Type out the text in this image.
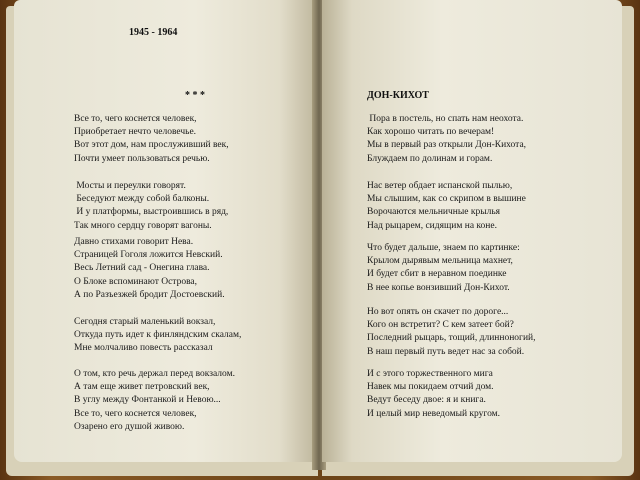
1945 - 1964
* * *
Все то, чего коснется человек,
Приобретает нечто человечье.
Вот этот дом, нам прослуживший век,
Почти умеет пользоваться речью.
Мосты и переулки говорят.
Беседуют между собой балконы.
И у платформы, выстроившись в ряд,
Так много сердцу говорят вагоны.
Давно стихами говорит Нева.
Страницей Гоголя ложится Невский.
Весь Летний сад - Онегина глава.
О Блоке вспоминают Острова,
А по Разъезжей бродит Достоевский.
Сегодня старый маленький вокзал,
Откуда путь идет к финляндским скалам,
Мне молчаливо повесть рассказал
О том, кто речь держал перед вокзалом.
А там еще живет петровский век,
В углу между Фонтанкой и Невою...
Все то, чего коснется человек,
Озарено его душой живою.
ДОН-КИХОТ
Пора в постель, но спать нам неохота.
Как хорошо читать по вечерам!
Мы в первый раз открыли Дон-Кихота,
Блуждаем по долинам и горам.
Нас ветер обдает испанской пылью,
Мы слышим, как со скрипом в вышине
Ворочаются мельничные крылья
Над рыцарем, сидящим на коне.
Что будет дальше, знаем по картинке:
Крылом дырявым мельница махнет,
И будет сбит в неравном поединке
В нее копье вонзивший Дон-Кихот.
Но вот опять он скачет по дороге...
Кого он встретит? С кем затеет бой?
Последний рыцарь, тощий, длинноногий,
В наш первый путь ведет нас за собой.
И с этого торжественного мига
Навек мы покидаем отчий дом.
Ведут беседу двое: я и книга.
И целый мир неведомый кругом.
